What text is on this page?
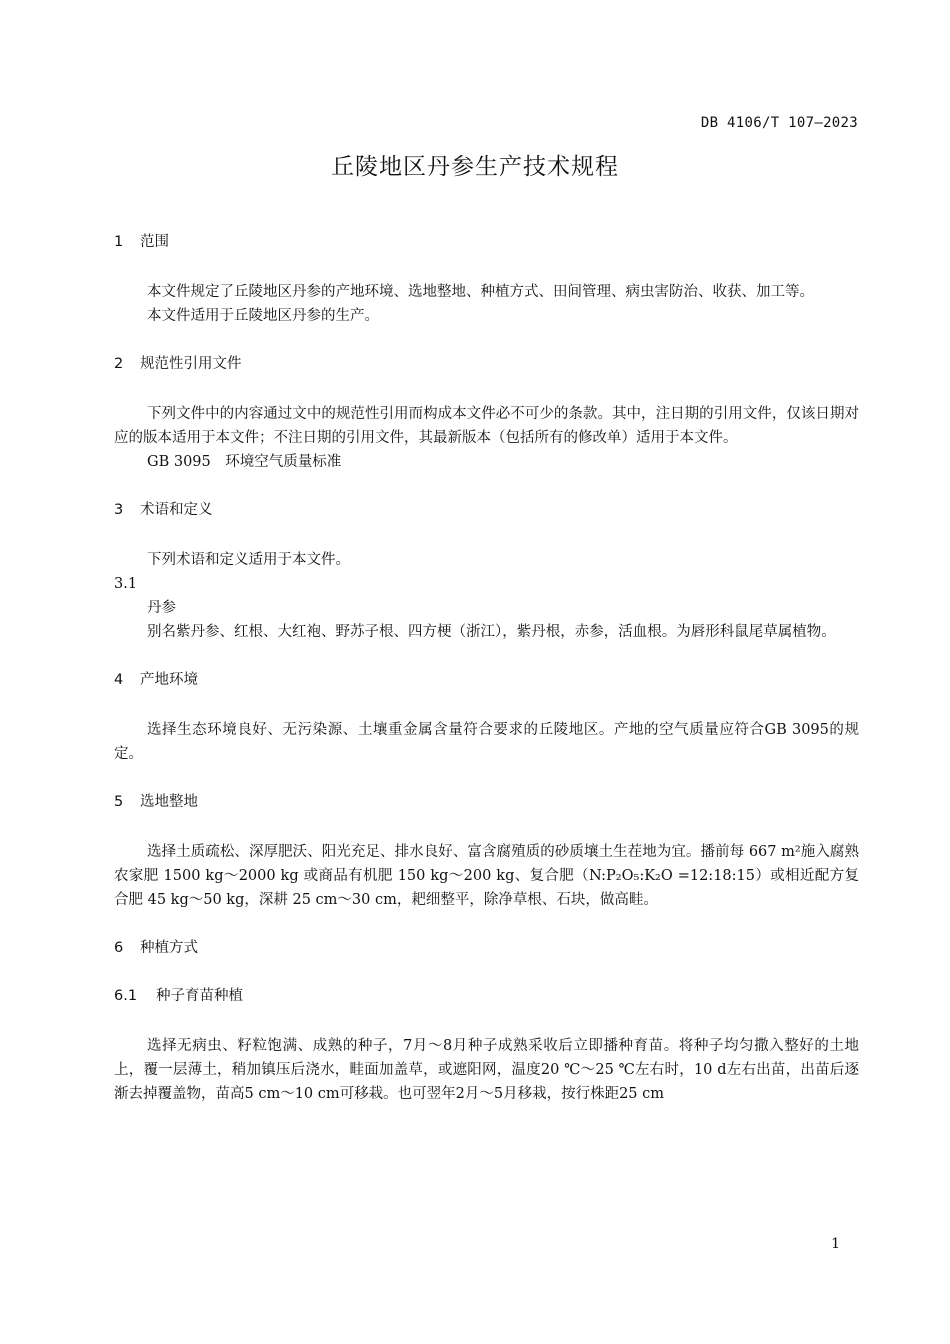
DB 4106/T 107—2023
丘陵地区丹参生产技术规程
1 范围

本文件规定了丘陵地区丹参的产地环境、选地整地、种植方式、田间管理、病虫害防治、收获、加工等。

本文件适用于丘陵地区丹参的生产。

2 规范性引用文件

下列文件中的内容通过文中的规范性引用而构成本文件必不可少的条款。其中，注日期的引用文件，仅该日期对应的版本适用于本文件；不注日期的引用文件，其最新版本（包括所有的修改单）适用于本文件。

GB 3095　环境空气质量标准

3 术语和定义

下列术语和定义适用于本文件。

3.1

丹参

别名紫丹参、红根、大红袍、野苏子根、四方梗（浙江），紫丹根，赤参，活血根。为唇形科鼠尾草属植物。

4 产地环境

选择生态环境良好、无污染源、土壤重金属含量符合要求的丘陵地区。产地的空气质量应符合GB 3095的规定。

5 选地整地

选择土质疏松、深厚肥沃、阳光充足、排水良好、富含腐殖质的砂质壤土生茬地为宜。播前每 667 m²施入腐熟农家肥 1500 kg～2000 kg 或商品有机肥 150 kg～200 kg、复合肥（N:P₂O₅:K₂O =12:18:15）或相近配方复合肥 45 kg～50 kg，深耕 25 cm～30 cm，耙细整平，除净草根、石块，做高畦。

6 种植方式
6.1 种子育苗种植

选择无病虫、籽粒饱满、成熟的种子，7月～8月种子成熟采收后立即播种育苗。将种子均匀撒入整好的土地上，覆一层薄土，稍加镇压后浇水，畦面加盖草，或遮阳网，温度20 ℃～25 ℃左右时，10 d左右出苗，出苗后逐渐去掉覆盖物，苗高5 cm～10 cm可移栽。也可翌年2月～5月移栽，按行株距25 cm

1
